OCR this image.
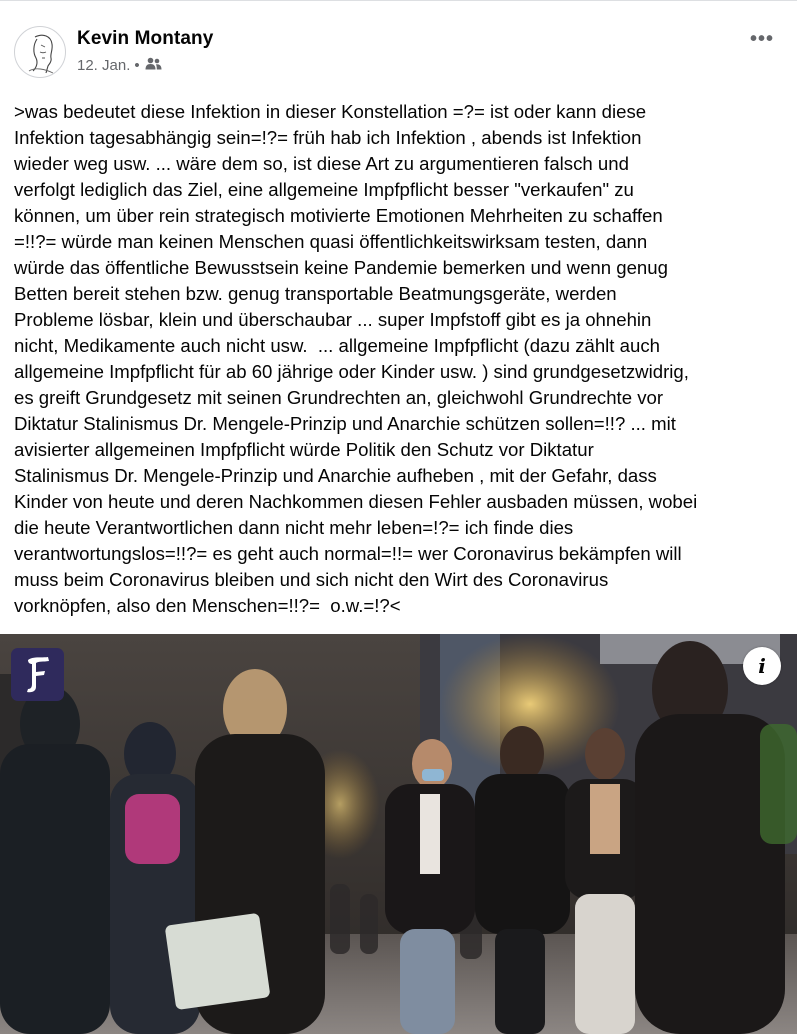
Kevin Montany
12. Jan. •
•••

>was bedeutet diese Infektion in dieser Konstellation =?= ist oder kann diese
Infektion tagesabhängig sein=!?= früh hab ich Infektion , abends ist Infektion
wieder weg usw. ... wäre dem so, ist diese Art zu argumentieren falsch und
verfolgt lediglich das Ziel, eine allgemeine Impfpflicht besser "verkaufen" zu
können, um über rein strategisch motivierte Emotionen Mehrheiten zu schaffen
=!!?= würde man keinen Menschen quasi öffentlichkeitswirksam testen, dann
würde das öffentliche Bewusstsein keine Pandemie bemerken und wenn genug
Betten bereit stehen bzw. genug transportable Beatmungsgeräte, werden
Probleme lösbar, klein und überschaubar ... super Impfstoff gibt es ja ohnehin
nicht, Medikamente auch nicht usw.  ... allgemeine Impfpflicht (dazu zählt auch
allgemeine Impfpflicht für ab 60 jährige oder Kinder usw. ) sind grundgesetzwidrig,
es greift Grundgesetz mit seinen Grundrechten an, gleichwohl Grundrechte vor
Diktatur Stalinismus Dr. Mengele-Prinzip und Anarchie schützen sollen=!!? ... mit
avisierter allgemeinen Impfpflicht würde Politik den Schutz vor Diktatur
Stalinismus Dr. Mengele-Prinzip und Anarchie aufheben , mit der Gefahr, dass
Kinder von heute und deren Nachkommen diesen Fehler ausbaden müssen, wobei
die heute Verantwortlichen dann nicht mehr leben=!?= ich finde dies
verantwortungslos=!!?= es geht auch normal=!!= wer Coronavirus bekämpfen will
muss beim Coronavirus bleiben und sich nicht den Wirt des Coronavirus
vorknöpfen, also den Menschen=!!?=  o.w.=!?<

i
